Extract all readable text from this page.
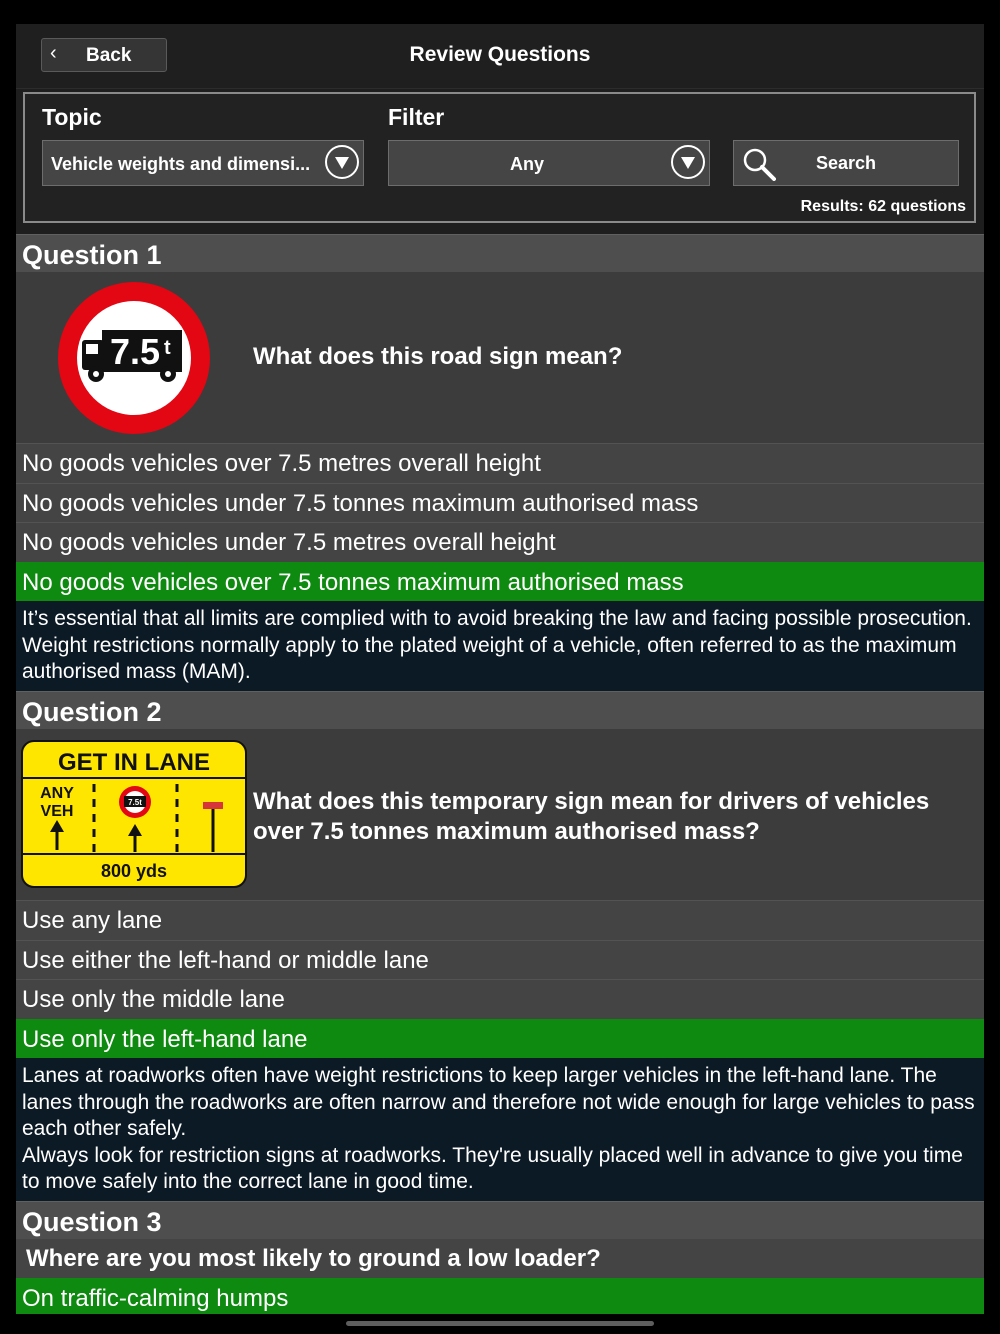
‹ Back	Review Questions
Topic
Vehicle weights and dimensi...
Filter
Any	Search
Results: 62 questions
Question 1
7.5 t	What does this road sign mean?
No goods vehicles over 7.5 metres overall height
No goods vehicles under 7.5 tonnes maximum authorised mass
No goods vehicles under 7.5 metres overall height
No goods vehicles over 7.5 tonnes maximum authorised mass

It’s essential that all limits are complied with to avoid breaking the law and facing possible prosecution. Weight restrictions normally apply to the plated weight of a vehicle, often referred to as the maximum authorised mass (MAM).

Question 2
GET IN LANE
ANY
VEH
7.5t
800 yds
What does this temporary sign mean for drivers of vehicles over 7.5 tonnes maximum authorised mass?
Use any lane
Use either the left-hand or middle lane
Use only the middle lane
Use only the left-hand lane

Lanes at roadworks often have weight restrictions to keep larger vehicles in the left-hand lane. The lanes through the roadworks are often narrow and therefore not wide enough for large vehicles to pass each other safely.

Always look for restriction signs at roadworks. They're usually placed well in advance to give you time to move safely into the correct lane in good time.

Question 3
Where are you most likely to ground a low loader?
On traffic-calming humps
